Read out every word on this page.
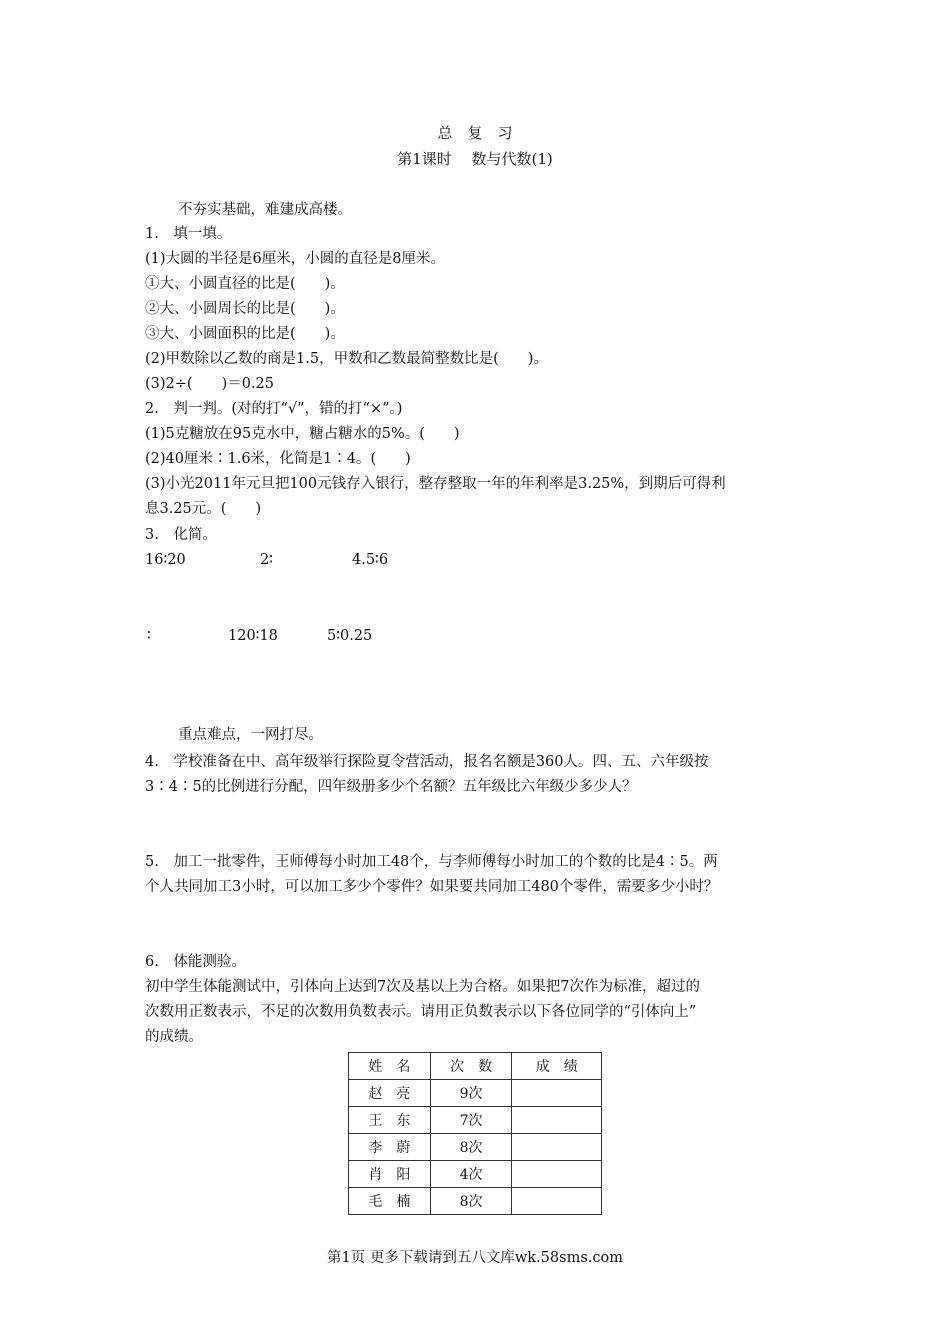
总　复　习
第1课时　 数与代数(1)
不夯实基础，难建成高楼。
1.　填一填。
(1)大圆的半径是6厘米，小圆的直径是8厘米。
①大、小圆直径的比是(　　)。
②大、小圆周长的比是(　　)。
③大、小圆面积的比是(　　)。
(2)甲数除以乙数的商是1.5，甲数和乙数最简整数比是(　　)。
(3)2÷(　　)＝0.25
2.　判一判。(对的打“√”，错的打“×”。)
(1)5克糖放在95克水中，糖占糖水的5%。(　　)
(2)40厘米∶1.6米，化简是1∶4。(　　)
(3)小光2011年元旦把100元钱存入银行，整存整取一年的年利率是3.25%，到期后可得利
息3.25元。(　　)
3.　化简。
16∶20	2∶	4.5∶6
∶	120∶18	5∶0.25
重点难点，一网打尽。
4.　学校准备在中、高年级举行探险夏令营活动，报名名额是360人。四、五、六年级按
3∶4∶5的比例进行分配，四年级册多少个名额？五年级比六年级少多少人？
5.　加工一批零件，王师傅每小时加工48个，与李师傅每小时加工的个数的比是4∶5。两
个人共同加工3小时，可以加工多少个零件？如果要共同加工480个零件，需要多少小时？
6.　体能测验。
初中学生体能测试中，引体向上达到7次及基以上为合格。如果把7次作为标准，超过的
次数用正数表示，不足的次数用负数表示。请用正负数表示以下各位同学的“引体向上”
的成绩。
姓　名	次　数	成　绩
赵　亮	9次	
王　东	7次	
李　蔚	8次	
肖　阳	4次	
毛　楠	8次	
第1页 更多下载请到五八文库wk.58sms.com
